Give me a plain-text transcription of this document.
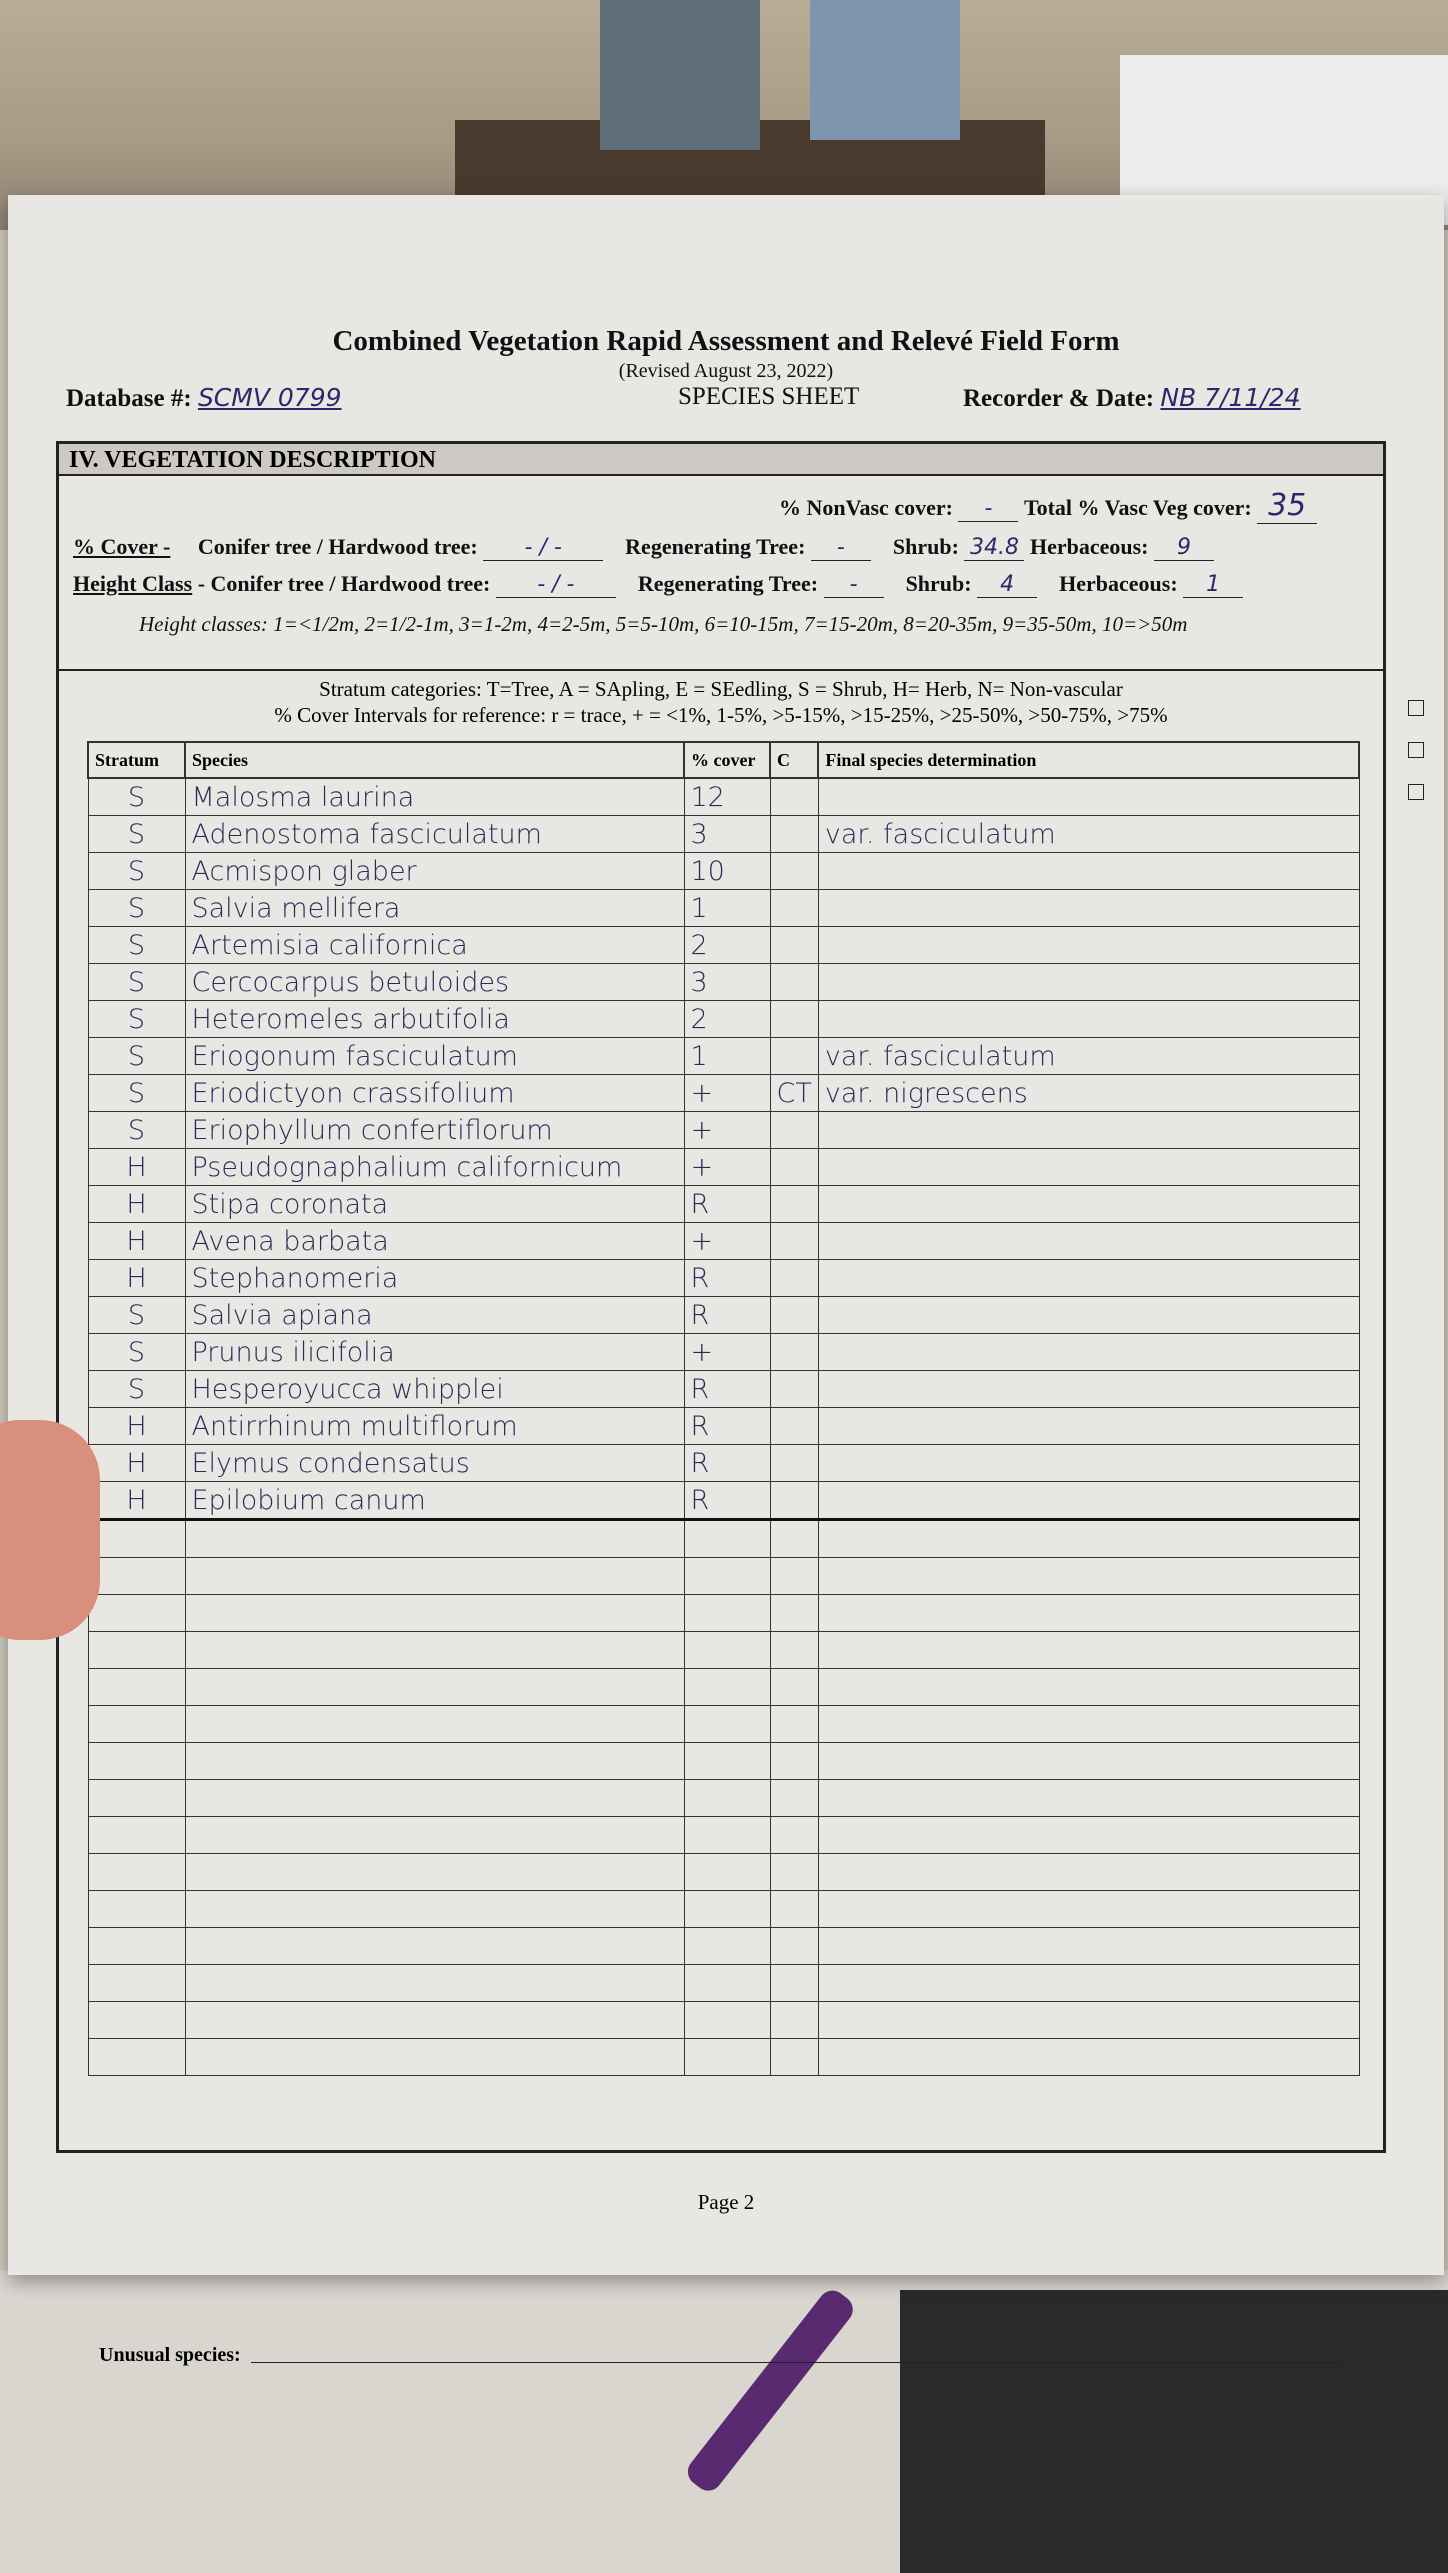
Combined Vegetation Rapid Assessment and Relevé Field Form
(Revised August 23, 2022)
Database #: SCMV 0799	SPECIES SHEET	Recorder & Date: NB 7/11/24
IV. VEGETATION DESCRIPTION
% NonVasc cover: - Total % Vasc Veg cover: 35
% Cover - Conifer tree / Hardwood tree: - / -	Regenerating Tree: - Shrub: 34.8 Herbaceous: 9
Height Class - Conifer tree / Hardwood tree: - / -	Regenerating Tree: - Shrub: 4 Herbaceous: 1
Height classes: 1=<1/2m, 2=1/2-1m, 3=1-2m, 4=2-5m, 5=5-10m, 6=10-15m, 7=15-20m, 8=20-35m, 9=35-50m, 10=>50m
Stratum categories: T=Tree, A = SApling, E = SEedling, S = Shrub, H= Herb, N= Non-vascular
% Cover Intervals for reference: r = trace, + = <1%, 1-5%, >5-15%, >15-25%, >25-50%, >50-75%, >75%
Stratum	Species	% cover	C	Final species determination
S	Malosma laurina	12		
S	Adenostoma fasciculatum	3		var. fasciculatum
S	Acmispon glaber	10		
S	Salvia mellifera	1		
S	Artemisia californica	2		
S	Cercocarpus betuloides	3		
S	Heteromeles arbutifolia	2		
S	Eriogonum fasciculatum	1		var. fasciculatum
S	Eriodictyon crassifolium	+	CT	var. nigrescens
S	Eriophyllum confertiflorum	+		
H	Pseudognaphalium californicum	+		
H	Stipa coronata	R		
H	Avena barbata	+		
H	Stephanomeria	R		
S	Salvia apiana	R		
S	Prunus ilicifolia	+		
S	Hesperoyucca whipplei	R		
H	Antirrhinum multiflorum	R		
H	Elymus condensatus	R		
H	Epilobium canum	R		

Unusual species:
Page 2
